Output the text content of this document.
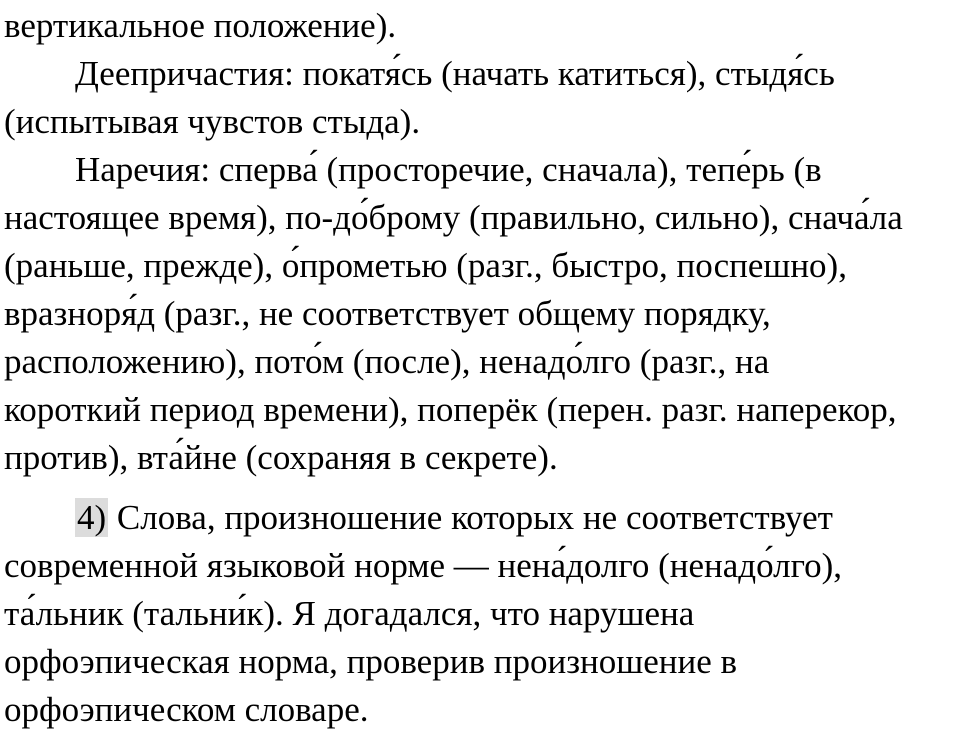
вертикальное положение).
Деепричастия: покатя́сь (начать катиться), стыдя́сь
(испытывая чувстов стыда).
Наречия: сперва́ (просторечие, сначала), тепе́рь (в
настоящее время), по-до́брому (правильно, сильно), снача́ла
(раньше, прежде), о́прометью (разг., быстро, поспешно),
вразноря́д (разг., не соответствует общему порядку,
расположению), пото́м (после), ненадо́лго (разг., на
короткий период времени), поперёк (перен. разг. наперекор,
против), вта́йне (сохраняя в секрете).
4) Слова, произношение которых не соответствует
современной языковой норме — нена́долго (ненадо́лго),
та́льник (тальни́к). Я догадался, что нарушена
орфоэпическая норма, проверив произношение в
орфоэпическом словаре.
